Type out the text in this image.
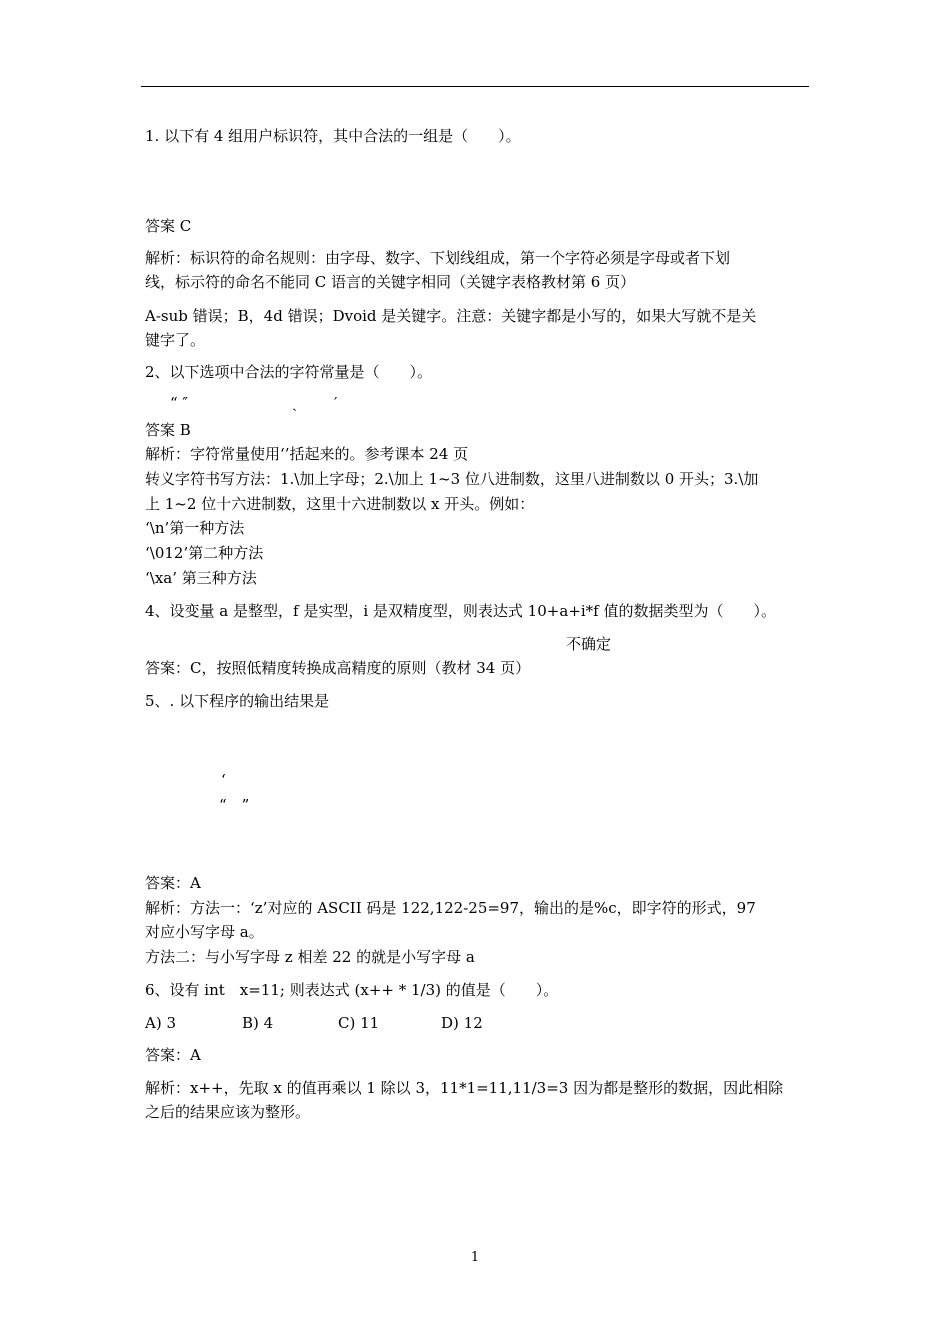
1. 以下有 4 组用户标识符，其中合法的一组是（　　）。
答案 C
解析：标识符的命名规则：由字母、数字、下划线组成，第一个字符必须是字母或者下划
线，标示符的命名不能同 C 语言的关键字相同（关键字表格教材第 6 页）
A-sub 错误；B，4d 错误；Dvoid 是关键字。注意：关键字都是小写的，如果大写就不是关
键字了。
2、以下选项中合法的字符常量是（　　）。
“ ″	ˏ ′
答案 B
解析：字符常量使用‘’括起来的。参考课本 24 页
转义字符书写方法：1.\加上字母；2.\加上 1~3 位八进制数，这里八进制数以 0 开头；3.\加
上 1~2 位十六进制数，这里十六进制数以 x 开头。例如：
‘\n’第一种方法
‘\012’第二种方法
‘\xa’ 第三种方法
4、设变量 a 是整型，f 是实型，i 是双精度型，则表达式 10+a+i*f 值的数据类型为（　　）。
不确定
答案：C，按照低精度转换成高精度的原则（教材 34 页）
5、. 以下程序的输出结果是
‘
“　”
答案：A
解析：方法一：‘z’对应的 ASCII 码是 122,122-25=97，输出的是%c，即字符的形式，97
对应小写字母 a。
方法二：与小写字母 z 相差 22 的就是小写字母 a
6、设有 int　x=11; 则表达式 (x++ * 1/3) 的值是（　　）。
A) 3	B) 4	C) 11	D) 12
答案：A
解析：x++，先取 x 的值再乘以 1 除以 3，11*1=11,11/3=3 因为都是整形的数据，因此相除
之后的结果应该为整形。
1
